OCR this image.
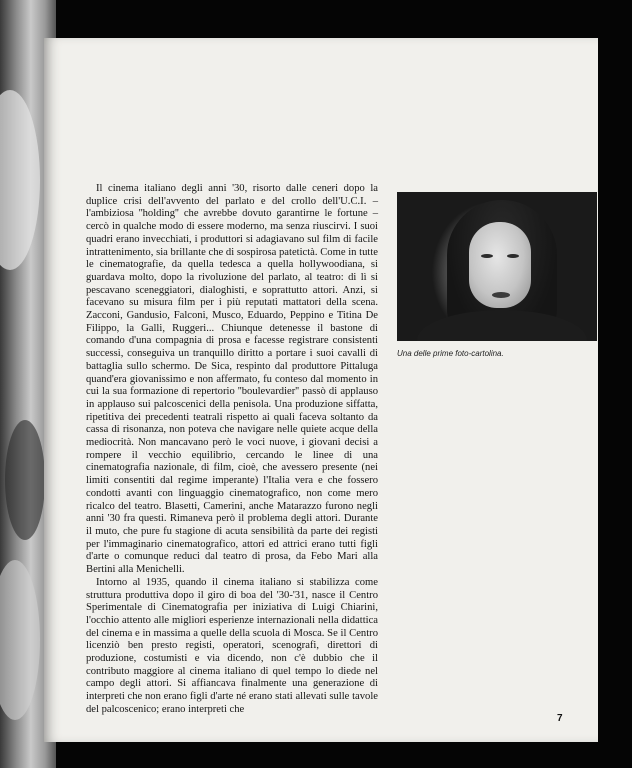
Il cinema italiano degli anni '30, risorto dalle ceneri dopo la duplice crisi dell'avvento del parlato e del crollo dell'U.C.I. – l'ambiziosa ''holding'' che avrebbe dovuto garantirne le fortune – cercò in qualche modo di essere moderno, ma senza riuscirvi. I suoi quadri erano invecchiati, i produttori si adagiavano sul film di facile intrattenimento, sia brillante che di sospirosa patetictà. Come in tutte le cinematografie, da quella tedesca a quella hollywoodiana, si guardava molto, dopo la rivoluzione del parlato, al teatro: di lì si pescavano sceneggiatori, dialoghisti, e soprattutto attori. Anzi, si facevano su misura film per i più reputati mattatori della scena. Zacconi, Gandusio, Falconi, Musco, Eduardo, Peppino e Titina De Filippo, la Galli, Ruggeri... Chiunque detenesse il bastone di comando d'una compagnia di prosa e facesse registrare consistenti successi, conseguiva un tranquillo diritto a portare i suoi cavalli di battaglia sullo schermo. De Sica, respinto dal produttore Pittaluga quand'era giovanissimo e non affermato, fu conteso dal momento in cui la sua formazione di repertorio ''boulevardier'' passò di applauso in applauso sui palcoscenici della penisola. Una produzione siffatta, ripetitiva dei precedenti teatrali rispetto ai quali faceva soltanto da cassa di risonanza, non poteva che navigare nelle quiete acque della mediocrità. Non mancavano però le voci nuove, i giovani decisi a rompere il vecchio equilibrio, cercando le linee di una cinematografia nazionale, di film, cioè, che avessero presente (nei limiti consentiti dal regime imperante) l'Italia vera e che fossero condotti avanti con linguaggio cinematografico, non come mero ricalco del teatro. Blasetti, Camerini, anche Matarazzo furono negli anni '30 fra questi. Rimaneva però il problema degli attori. Durante il muto, che pure fu stagione di acuta sensibilità da parte dei registi per l'immaginario cinematografico, attori ed attrici erano tutti figli d'arte o comunque reduci dal teatro di prosa, da Febo Mari alla Bertini alla Menichelli.

Intorno al 1935, quando il cinema italiano si stabilizza come struttura produttiva dopo il giro di boa del '30-'31, nasce il Centro Sperimentale di Cinematografia per iniziativa di Luigi Chiarini, l'occhio attento alle migliori esperienze internazionali nella didattica del cinema e in massima a quelle della scuola di Mosca. Se il Centro licenziò ben presto registi, operatori, scenografi, direttori di produzione, costumisti e via dicendo, non c'è dubbio che il contributo maggiore al cinema italiano di quel tempo lo diede nel campo degli attori. Si affiancava finalmente una generazione di interpreti che non erano figli d'arte né erano stati allevati sulle tavole del palcoscenico; erano interpreti che

Una delle prime foto-cartolina.
7
